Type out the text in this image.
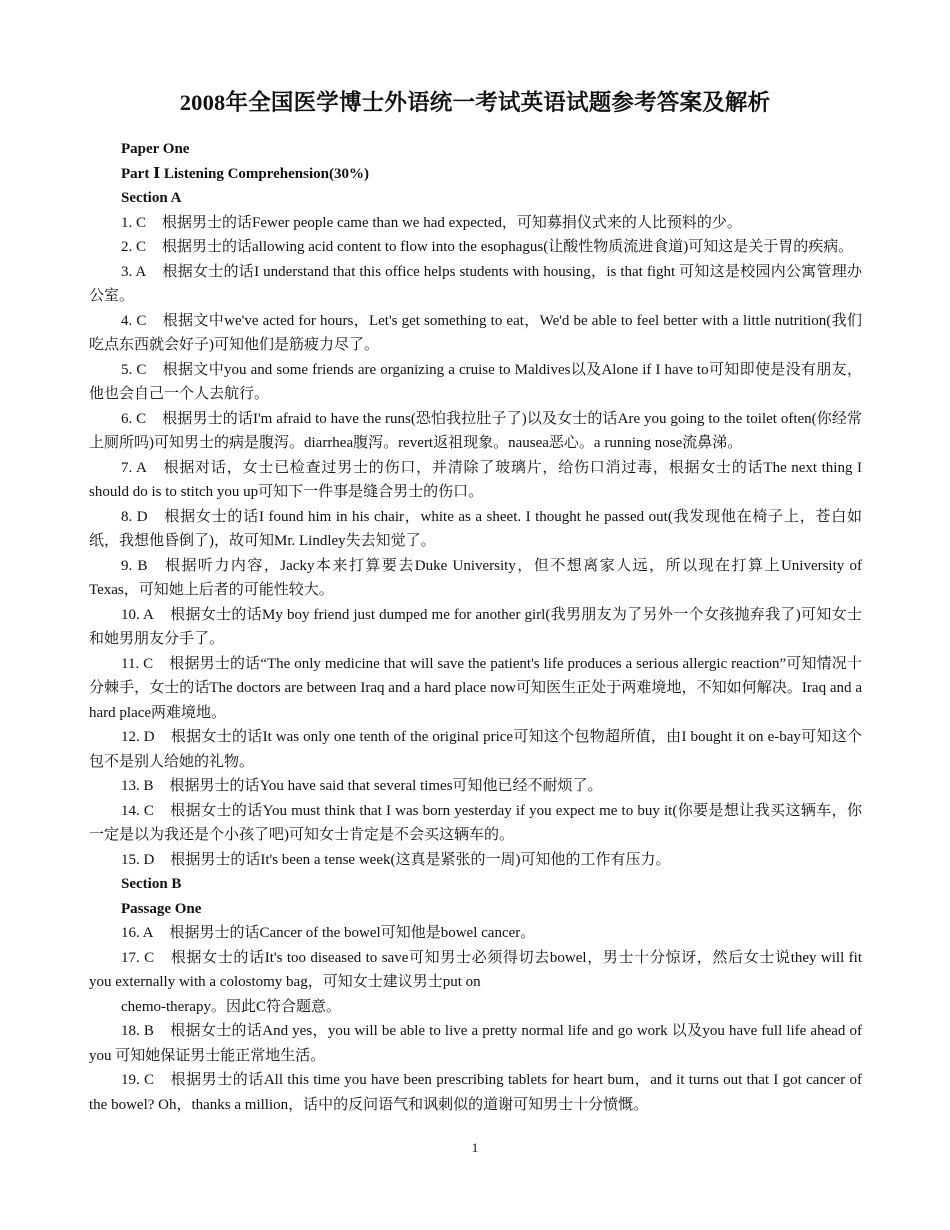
2008年全国医学博士外语统一考试英语试题参考答案及解析
Paper One
Part Ⅰ Listening Comprehension(30%)
Section A

1. C 根据男士的话Fewer people came than we had expected，可知募捐仪式来的人比预料的少。

2. C 根据男士的话allowing acid content to flow into the esophagus(让酸性物质流进食道)可知这是关于胃的疾病。

3. A 根据女士的话I understand that this office helps students with housing，is that fight 可知这是校园内公寓管理办公室。

4. C 根据文中we've acted for hours，Let's get something to eat，We'd be able to feel better with a little nutrition(我们吃点东西就会好子)可知他们是筋疲力尽了。

5. C 根据文中you and some friends are organizing a cruise to Maldives以及Alone if I have to可知即使是没有朋友，他也会自己一个人去航行。

6. C 根据男士的话I'm afraid to have the runs(恐怕我拉肚子了)以及女士的话Are you going to the toilet often(你经常上厕所吗)可知男士的病是腹泻。diarrhea腹泻。revert返祖现象。nausea恶心。a running nose流鼻涕。

7. A 根据对话，女士已检查过男士的伤口，并清除了玻璃片，给伤口消过毒，根据女士的话The next thing I should do is to stitch you up可知下一件事是缝合男士的伤口。

8. D 根据女士的话I found him in his chair，white as a sheet. I thought he passed out(我发现他在椅子上，苍白如纸，我想他昏倒了)，故可知Mr. Lindley失去知觉了。

9. B 根据听力内容，Jacky本来打算要去Duke University，但不想离家人远，所以现在打算上University of Texas，可知她上后者的可能性较大。

10. A 根据女士的话My boy friend just dumped me for another girl(我男朋友为了另外一个女孩抛弃我了)可知女士和她男朋友分手了。

11. C 根据男士的话“The only medicine that will save the patient's life produces a serious allergic reaction”可知情况十分棘手，女士的话The doctors are between Iraq and a hard place now可知医生正处于两难境地，不知如何解决。Iraq and a hard place两难境地。

12. D 根据女士的话It was only one tenth of the original price可知这个包物超所值，由I bought it on e-bay可知这个包不是别人给她的礼物。

13. B 根据男士的话You have said that several times可知他已经不耐烦了。

14. C 根据女士的话You must think that I was born yesterday if you expect me to buy it(你要是想让我买这辆车，你一定是以为我还是个小孩了吧)可知女士肯定是不会买这辆车的。

15. D 根据男士的话It's been a tense week(这真是紧张的一周)可知他的工作有压力。

Section B
Passage One

16. A 根据男士的话Cancer of the bowel可知他是bowel cancer。

17. C 根据女士的话It's too diseased to save可知男士必须得切去bowel，男士十分惊讶，然后女士说they will fit you externally with a colostomy bag，可知女士建议男士put on

chemo-therapy。因此C符合题意。

18. B 根据女士的话And yes，you will be able to live a pretty normal life and go work 以及you have full life ahead of you 可知她保证男士能正常地生活。

19. C 根据男士的话All this time you have been prescribing tablets for heart bum，and it turns out that I got cancer of the bowel? Oh，thanks a million，话中的反问语气和讽刺似的道谢可知男士十分愤慨。

1
